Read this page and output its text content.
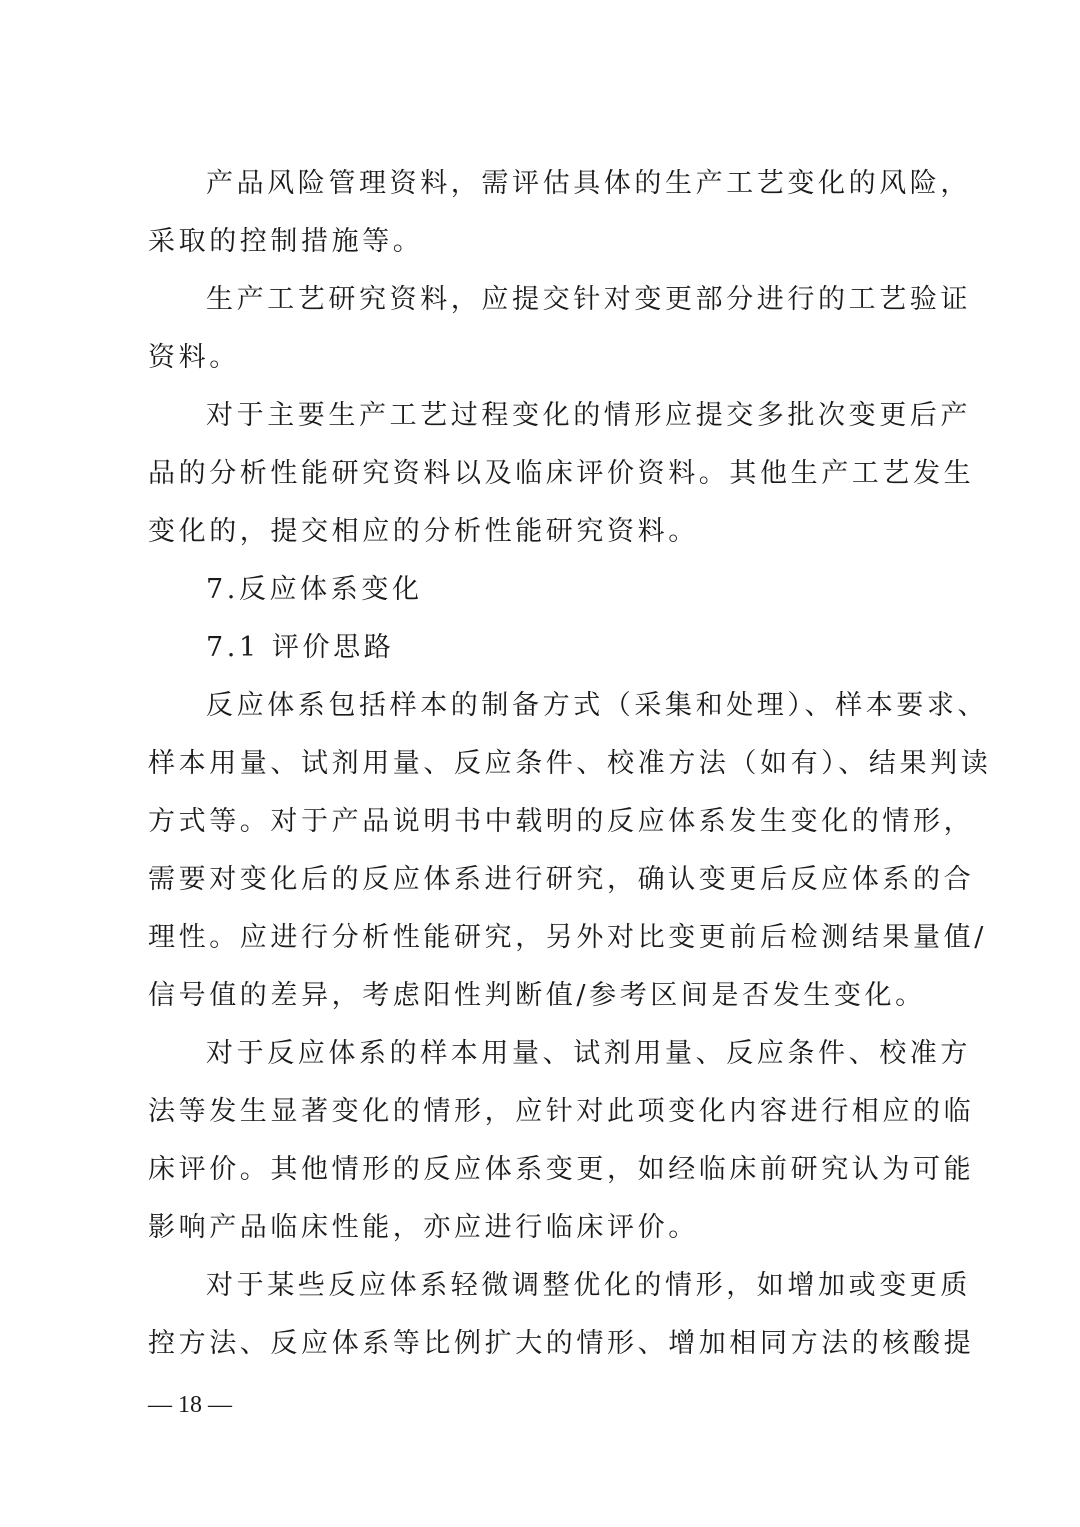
产品风险管理资料，需评估具体的生产工艺变化的风险，
采取的控制措施等。
生产工艺研究资料，应提交针对变更部分进行的工艺验证
资料。
对于主要生产工艺过程变化的情形应提交多批次变更后产
品的分析性能研究资料以及临床评价资料。其他生产工艺发生
变化的，提交相应的分析性能研究资料。
7.反应体系变化
7.1 评价思路
反应体系包括样本的制备方式（采集和处理）、样本要求、
样本用量、试剂用量、反应条件、校准方法（如有）、结果判读
方式等。对于产品说明书中载明的反应体系发生变化的情形，
需要对变化后的反应体系进行研究，确认变更后反应体系的合
理性。应进行分析性能研究，另外对比变更前后检测结果量值/
信号值的差异，考虑阳性判断值/参考区间是否发生变化。
对于反应体系的样本用量、试剂用量、反应条件、校准方
法等发生显著变化的情形，应针对此项变化内容进行相应的临
床评价。其他情形的反应体系变更，如经临床前研究认为可能
影响产品临床性能，亦应进行临床评价。
对于某些反应体系轻微调整优化的情形，如增加或变更质
控方法、反应体系等比例扩大的情形、增加相同方法的核酸提
— 18 —
